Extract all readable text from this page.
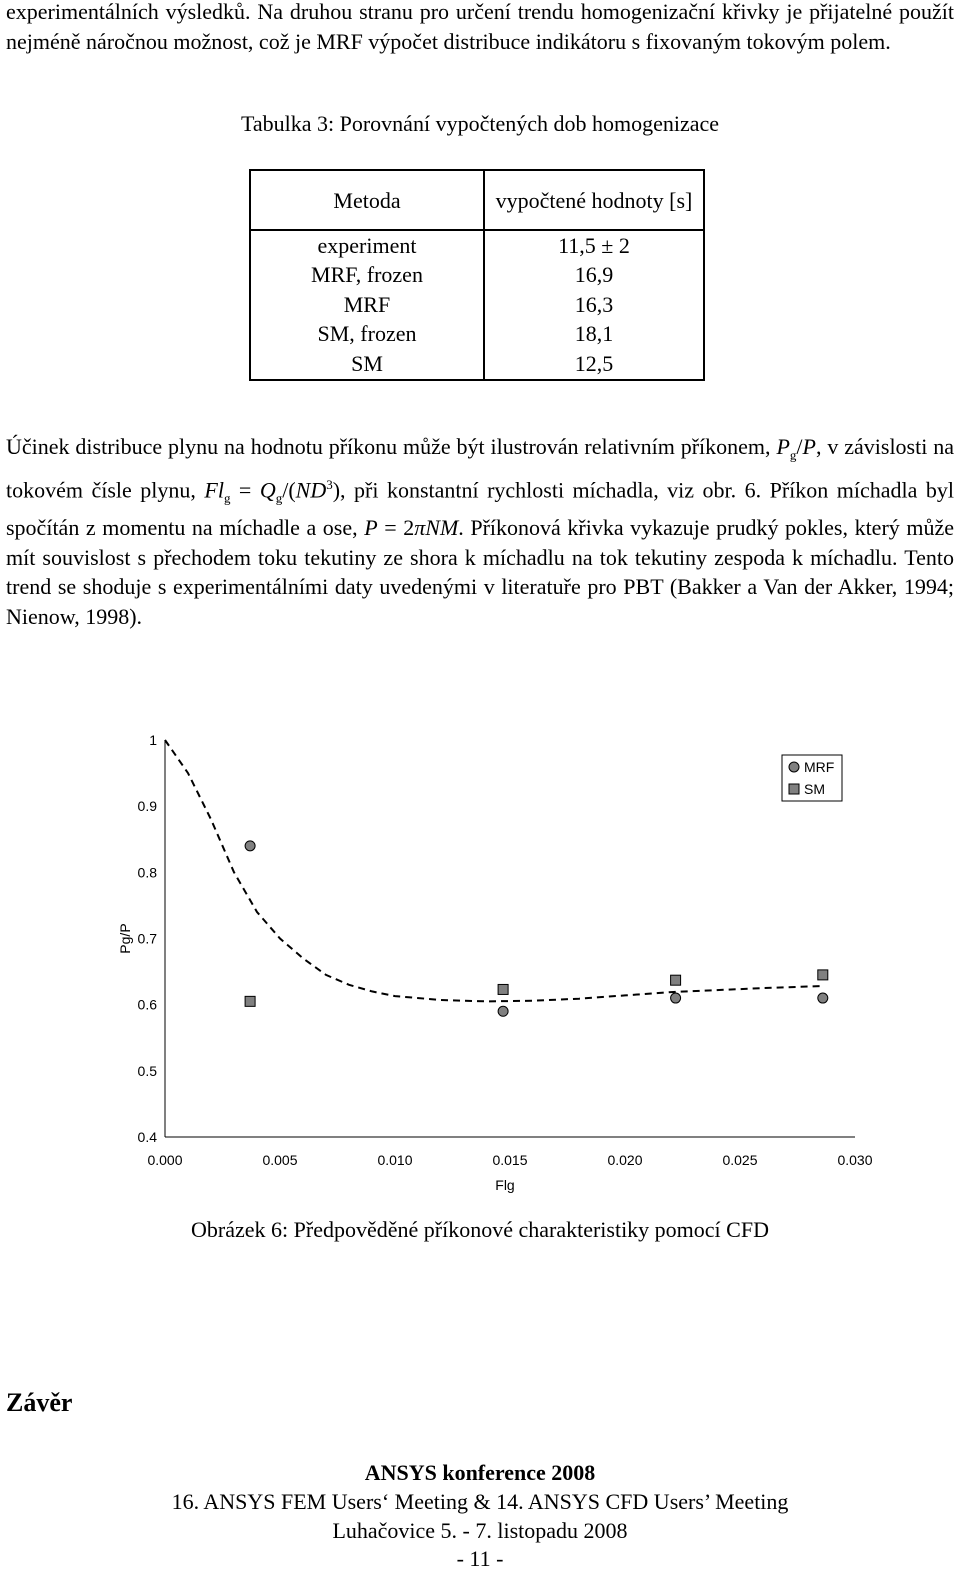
experimentálních výsledků. Na druhou stranu pro určení trendu homogenizační křivky je přijatelné použít nejméně náročnou možnost, což je MRF výpočet distribuce indikátoru s fixovaným tokovým polem.
Tabulka 3: Porovnání vypočtených dob homogenizace
Metoda	vypočtené hodnoty [s]
experiment	11,5 ± 2
MRF, frozen	16,9
MRF	16,3
SM, frozen	18,1
SM	12,5
Účinek distribuce plynu na hodnotu příkonu může být ilustrován relativním příkonem, $P_g/P$, v závislosti na tokovém čísle plynu, $Fl_g = Q_g/(ND^3)$, při konstantní rychlosti míchadla, viz obr. 6. Příkon míchadla byl spočítán z momentu na míchadle a ose, P = 2πNM. Příkonová křivka vykazuje prudký pokles, který může mít souvislost s přechodem toku tekutiny ze shora k míchadlu na tok tekutiny zespoda k míchadlu. Tento trend se shoduje s experimentálními daty uvedenými v literatuře pro PBT (Bakker a Van der Akker, 1994; Nienow, 1998).
0.000	0.005	0.010	0.015	0.020	0.025	0.030
0.4
0.5
0.6
0.7
0.8
0.9
1
Flg
Pg/P
MRF
SM
Obrázek 6: Předpověděné příkonové charakteristiky pomocí CFD
Závěr
ANSYS konference 2008
16. ANSYS FEM Users‘ Meeting & 14. ANSYS CFD Users’ Meeting
Luhačovice 5. - 7. listopadu 2008
- 11 -
